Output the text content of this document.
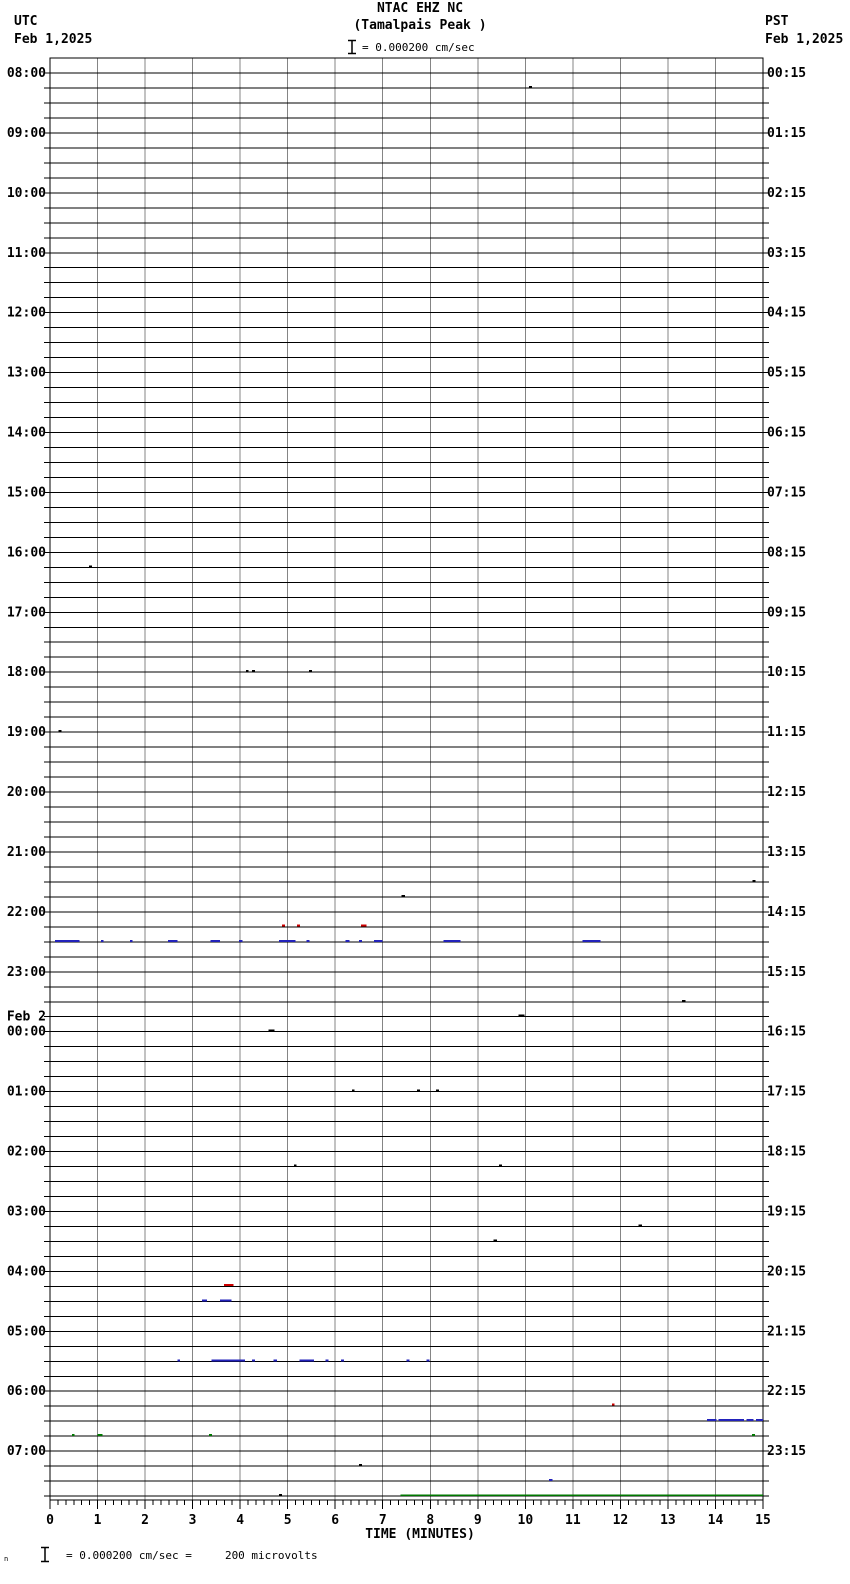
NTAC EHZ NC
(Tamalpais Peak )
UTC
Feb 1,2025
PST
Feb 1,2025
= 0.000200 cm/sec
0	1	2	3	4	5	6	7	8	9	10 11 12 13 14 15
08:00
09:00
10:00
11:00
12:00
13:00
14:00
15:00
16:00
17:00
18:00
19:00
20:00
21:00
22:00
23:00
00:00
Feb 2
01:00
02:00
03:00
04:00
05:00
06:00
07:00
00:15
01:15
02:15
03:15
04:15
05:15
06:15
07:15
08:15
09:15
10:15
11:15
12:15
13:15
14:15
15:15
16:15
17:15
18:15
19:15
20:15
21:15
22:15
23:15
TIME (MINUTES)
n	= 0.000200 cm/sec =     200 microvolts
